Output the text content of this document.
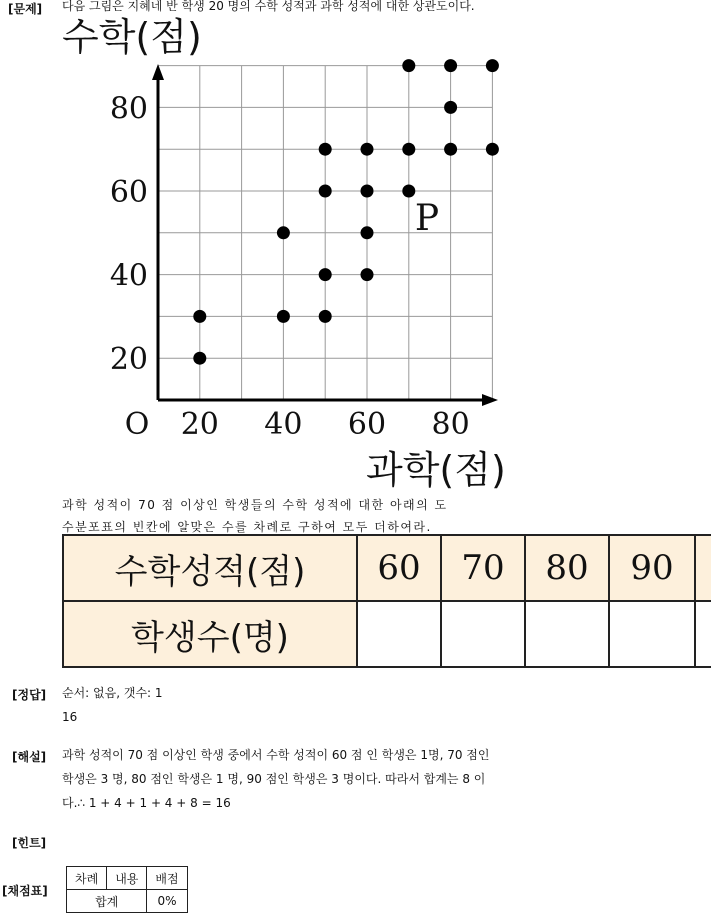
[문제] 다음 그림은 지혜네 반 학생 20 명의 수학 성적과 과학 성적에 대한 상관도이다.
20
40
60
80
20 40 60 80
O
수학(점)
과학(점)
P
과학 성적이 70 점 이상인 학생들의 수학 성적에 대한 아래의 도
수분포표의 빈칸에 알맞은 수를 차례로 구하여 모두 더하여라.
수학성적(점)	60	70	80	90
학생수(명)
[정답] 순서: 없음, 갯수: 1
16
[해설] 과학 성적이 70 점 이상인 학생 중에서 수학 성적이 60 점 인 학생은 1명, 70 점인
학생은 3 명, 80 점인 학생은 1 명, 90 점인 학생은 3 명이다. 따라서 합계는 8 이
다.∴ 1 + 4 + 1 + 4 + 8 = 16
[힌트]
[채점표]
차례	내용	배점
합계		0%
